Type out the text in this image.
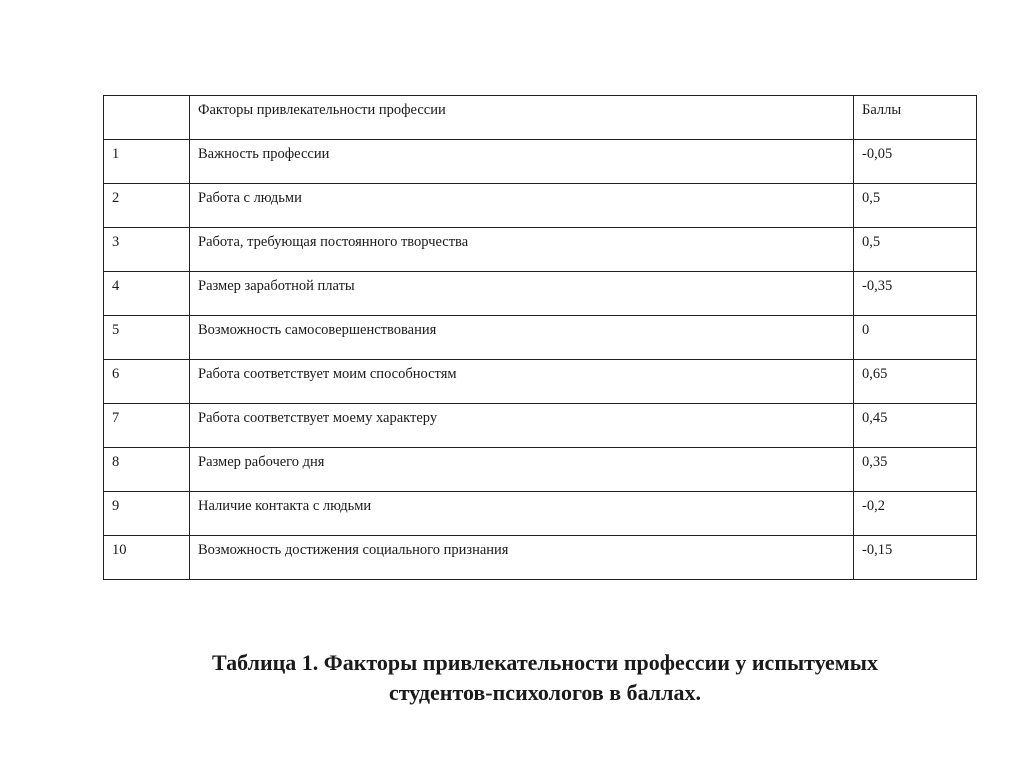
	Факторы привлекательности профессии	Баллы
1	Важность профессии	-0,05
2	Работа с людьми	0,5
3	Работа, требующая постоянного творчества	0,5
4	Размер заработной платы	-0,35
5	Возможность самосовершенствования	0
6	Работа соответствует моим способностям	0,65
7	Работа соответствует моему характеру	0,45
8	Размер рабочего дня	0,35
9	Наличие контакта с людьми	-0,2
10	Возможность достижения социального признания	-0,15
Таблица 1. Факторы привлекательности профессии у испытуемых
студентов-психологов в баллах.
